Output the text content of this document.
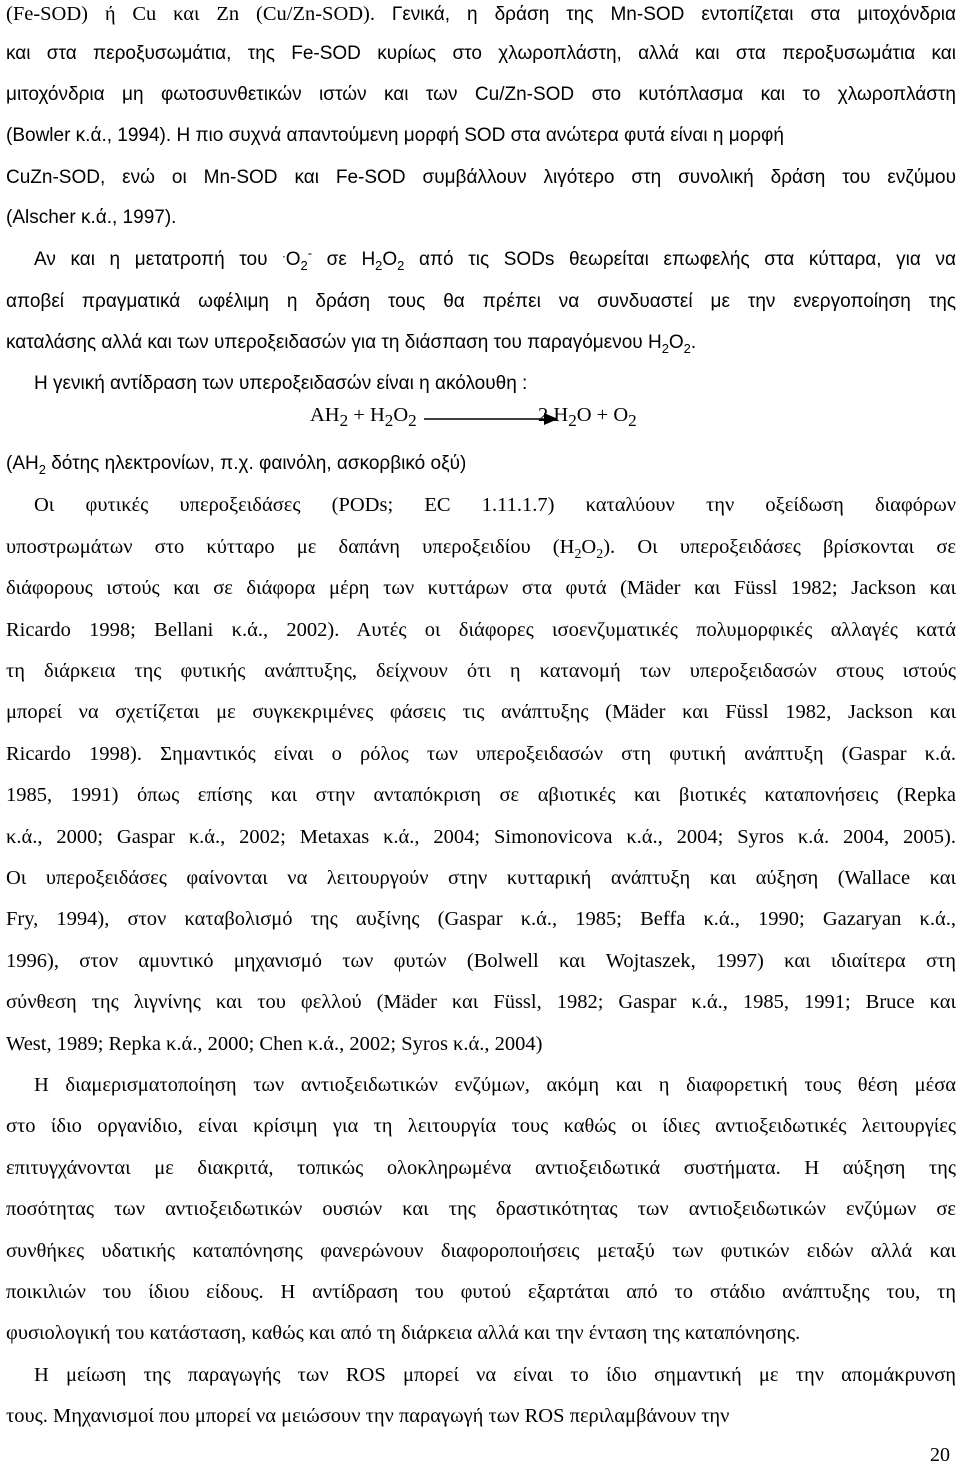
(Fe-SOD) ή Cu και Zn (Cu/Zn-SOD). Γενικά, η δράση της Mn-SOD εντοπίζεται στα μιτοχόνδρια
και στα περοξυσωμάτια, της Fe-SOD κυρίως στο χλωροπλάστη, αλλά και στα περοξυσωμάτια και
μιτοχόνδρια μη φωτοσυνθετικών ιστών και των Cu/Zn-SOD στο κυτόπλασμα και το χλωροπλάστη
(Bowler κ.ά., 1994). Η πιο συχνά απαντούμενη μορφή SOD στα ανώτερα φυτά είναι η μορφή
CuZn-SOD, ενώ οι Mn-SOD και Fe-SOD συμβάλλουν λιγότερο στη συνολική δράση του ενζύμου
(Alscher κ.ά., 1997).
Αν και η μετατροπή του $^.O_2^-$ σε $H_2O_2$ από τις SODs θεωρείται επωφελής στα κύτταρα, για να
αποβεί πραγματικά ωφέλιμη η δράση τους θα πρέπει να συνδυαστεί με την ενεργοποίηση της
καταλάσης αλλά και των υπεροξειδασών για τη διάσπαση του παραγόμενου $H_2O_2$.
Η γενική αντίδραση των υπεροξειδασών είναι η ακόλουθη :
($AH_2$ δότης ηλεκτρονίων, π.χ. φαινόλη, ασκορβικό οξύ)
Οι φυτικές υπεροξειδάσες (PODs; EC 1.11.1.7) καταλύουν την οξείδωση διαφόρων
υποστρωμάτων στο κύτταρο με δαπάνη υπεροξειδίου $(H_2O_2)$. Οι υπεροξειδάσες βρίσκονται σε
διάφορους ιστούς και σε διάφορα μέρη των κυττάρων στα φυτά (Mäder και Füssl 1982; Jackson και
Ricardo 1998; Bellani κ.ά., 2002). Αυτές οι διάφορες ισοενζυματικές πολυμορφικές αλλαγές κατά
τη διάρκεια της φυτικής ανάπτυξης, δείχνουν ότι η κατανομή των υπεροξειδασών στους ιστούς
μπορεί να σχετίζεται με συγκεκριμένες φάσεις τις ανάπτυξης (Mäder και Füssl 1982, Jackson και
Ricardo 1998). Σημαντικός είναι ο ρόλος των υπεροξειδασών στη φυτική ανάπτυξη (Gaspar κ.ά.
1985, 1991) όπως επίσης και στην ανταπόκριση σε αβιοτικές και βιοτικές καταπονήσεις (Repka
κ.ά., 2000; Gaspar κ.ά., 2002; Metaxas κ.ά., 2004; Simonovicova κ.ά., 2004; Syros κ.ά. 2004, 2005).
Οι υπεροξειδάσες φαίνονται να λειτουργούν στην κυτταρική ανάπτυξη και αύξηση (Wallace και
Fry, 1994), στον καταβολισμό της αυξίνης (Gaspar κ.ά., 1985; Beffa κ.ά., 1990; Gazaryan κ.ά.,
1996), στον αμυντικό μηχανισμό των φυτών (Bolwell και Wojtaszek, 1997) και ιδιαίτερα στη
σύνθεση της λιγνίνης και του φελλού (Mäder και Füssl, 1982; Gaspar κ.ά., 1985, 1991; Bruce και
West, 1989; Repka κ.ά., 2000; Chen κ.ά., 2002; Syros κ.ά., 2004)
Η διαμερισματοποίηση των αντιοξειδωτικών ενζύμων, ακόμη και η διαφορετική τους θέση μέσα
στο ίδιο οργανίδιο, είναι κρίσιμη για τη λειτουργία τους καθώς οι ίδιες αντιοξειδωτικές λειτουργίες
επιτυγχάνονται με διακριτά, τοπικώς ολοκληρωμένα αντιοξειδωτικά συστήματα. Η αύξηση της
ποσότητας των αντιοξειδωτικών ουσιών και της δραστικότητας των αντιοξειδωτικών ενζύμων σε
συνθήκες υδατικής καταπόνησης φανερώνουν διαφοροποιήσεις μεταξύ των φυτικών ειδών αλλά και
ποικιλιών του ίδιου είδους. Η αντίδραση του φυτού εξαρτάται από το στάδιο ανάπτυξης του, τη
φυσιολογική του κατάσταση, καθώς και από τη διάρκεια αλλά και την ένταση της καταπόνησης.
Η μείωση της παραγωγής των ROS μπορεί να είναι το ίδιο σημαντική με την απομάκρυνση
τους. Μηχανισμοί που μπορεί να μειώσουν την παραγωγή των ROS περιλαμβάνουν την
$AH_2 + H_2O_2$	2 $H_2O + O_2$
20
